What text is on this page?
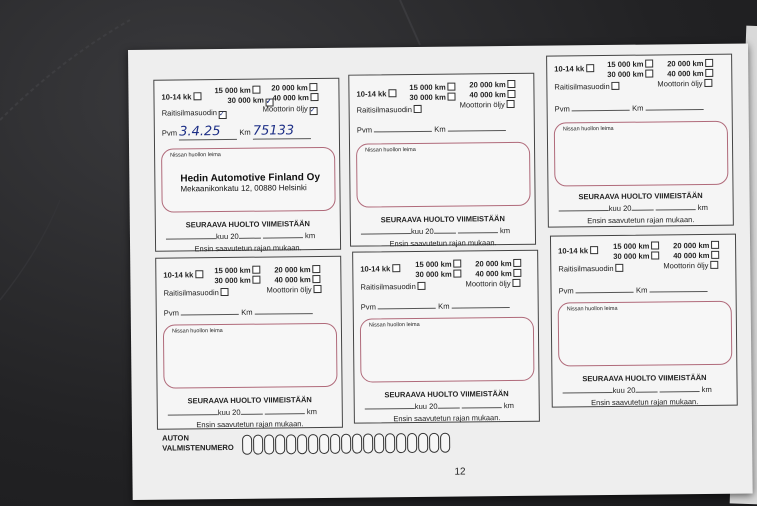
10-14 kk
15 000 km	20 000 km
30 000 km✓	40 000 km
Raitisilmasuodin✓	Moottorin öljy✓
Pvm 3.4.25 Km 75133
Nissan huollon leima
Hedin Automotive Finland Oy
Mekaanikonkatu 12, 00880 Helsinki
SEURAAVA HUOLTO VIIMEISTÄÄN
kuu 20	km
Ensin saavutetun rajan mukaan.
10-14 kk
15 000 km	20 000 km
30 000 km	40 000 km
Raitisilmasuodin
Moottorin öljy
Pvm	Km
Nissan huollon leima
SEURAAVA HUOLTO VIIMEISTÄÄN
kuu 20	km
Ensin saavutetun rajan mukaan.
10-14 kk	15 000 km	20 000 km
30 000 km	40 000 km
Raitisilmasuodin	Moottorin öljy
Pvm	Km
Nissan huollon leima
SEURAAVA HUOLTO VIIMEISTÄÄN
kuu 20	km
Ensin saavutetun rajan mukaan.
10-14 kk	15 000 km	20 000 km
30 000 km	40 000 km
Raitisilmasuodin	Moottorin öljy
Pvm	Km
Nissan huollon leima
SEURAAVA HUOLTO VIIMEISTÄÄN
kuu 20	km
Ensin saavutetun rajan mukaan.
10-14 kk	15 000 km	20 000 km
30 000 km	40 000 km
Raitisilmasuodin	Moottorin öljy
Pvm	Km
Nissan huollon leima
SEURAAVA HUOLTO VIIMEISTÄÄN
kuu 20	km
Ensin saavutetun rajan mukaan.
10-14 kk	15 000 km	20 000 km
30 000 km	40 000 km
Raitisilmasuodin	Moottorin öljy
Pvm	Km
Nissan huollon leima
SEURAAVA HUOLTO VIIMEISTÄÄN
kuu 20	km
Ensin saavutetun rajan mukaan.
AUTON
VALMISTENUMERO
12
